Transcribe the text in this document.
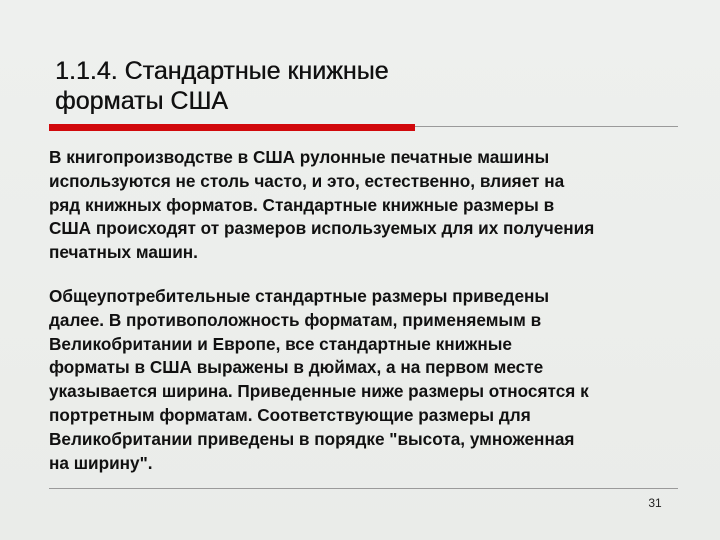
1.1.4. Стандартные книжные
форматы США

В книгопроизводстве в США рулонные печатные машины
используются не столь часто, и это, естественно, влияет на
ряд книжных форматов. Стандартные книжные размеры в
США происходят от размеров используемых для их получения
печатных машин.

Общеупотребительные стандартные размеры приведены
далее. В противоположность форматам, применяемым в
Великобритании и Европе, все стандартные книжные
форматы в США выражены в дюймах, а на первом месте
указывается ширина. Приведенные ниже размеры относятся к
портретным форматам. Соответствующие размеры для
Великобритании приведены в порядке "высота, умноженная
на ширину".

31
